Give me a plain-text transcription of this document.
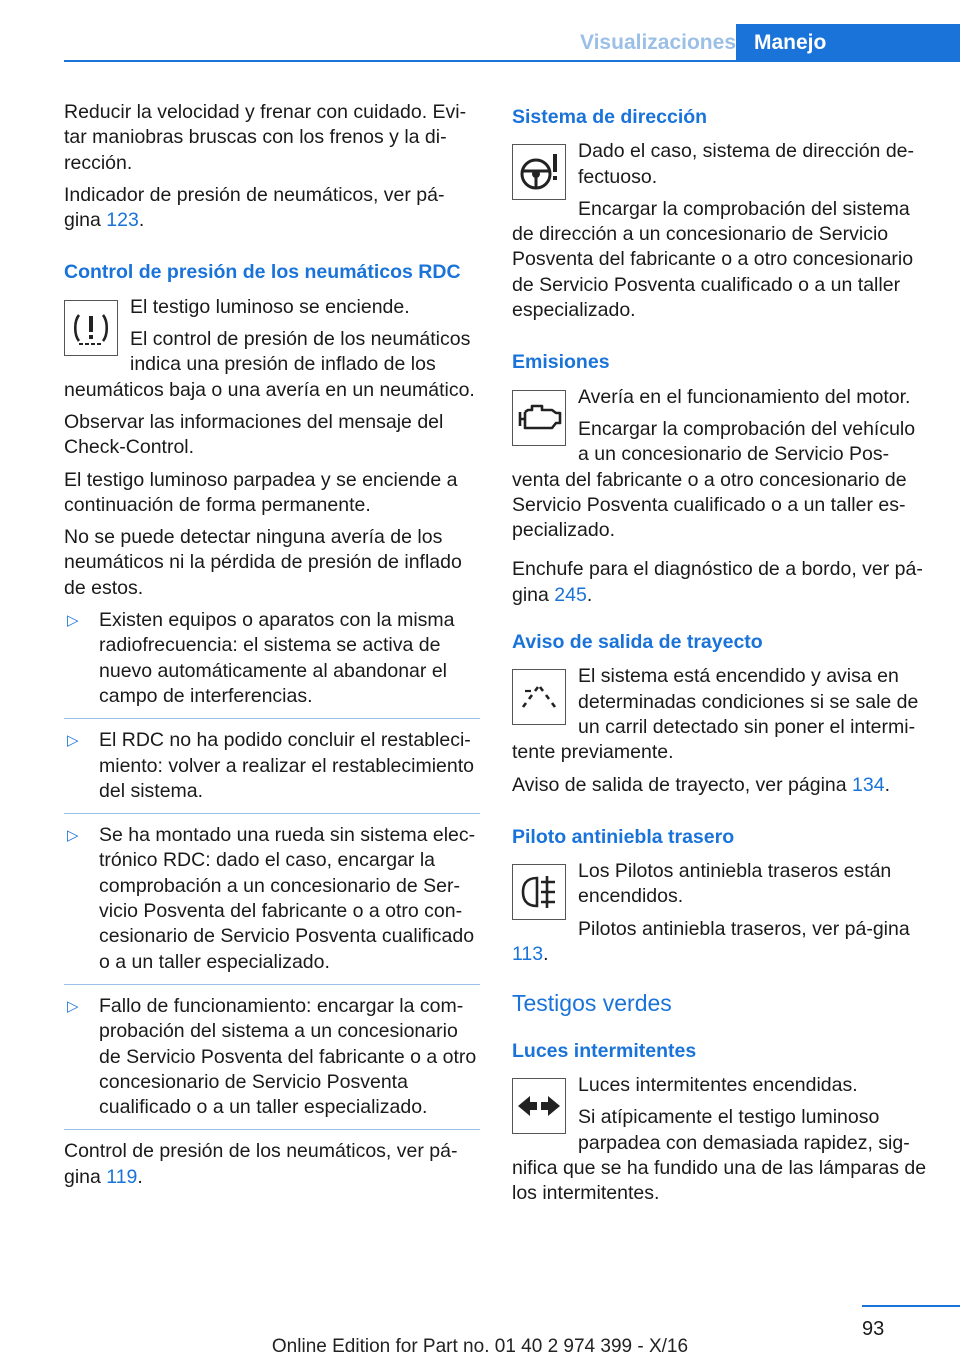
Visualizaciones Manejo

Reducir la velocidad y frenar con cuidado. Evi-tar maniobras bruscas con los frenos y la di-rección.

Indicador de presión de neumáticos, ver pá-gina 123.

Control de presión de los neumáticos RDC

El testigo luminoso se enciende.

El control de presión de los neumáticos indica una presión de inflado de los neumáticos baja o una avería en un neumático.

Observar las informaciones del mensaje del Check-Control.

El testigo luminoso parpadea y se enciende a continuación de forma permanente.

No se puede detectar ninguna avería de los neumáticos ni la pérdida de presión de inflado de estos.

▷ Existen equipos o aparatos con la misma radiofrecuencia: el sistema se activa de nuevo automáticamente al abandonar el campo de interferencias.
▷ El RDC no ha podido concluir el restableci-miento: volver a realizar el restablecimiento del sistema.
▷ Se ha montado una rueda sin sistema elec-trónico RDC: dado el caso, encargar la comprobación a un concesionario de Ser-vicio Posventa del fabricante o a otro con-cesionario de Servicio Posventa cualificado o a un taller especializado.
▷ Fallo de funcionamiento: encargar la com-probación del sistema a un concesionario de Servicio Posventa del fabricante o a otro concesionario de Servicio Posventa cualificado o a un taller especializado.

Control de presión de los neumáticos, ver pá-gina 119.

Sistema de dirección

Dado el caso, sistema de dirección de-fectuoso.

Encargar la comprobación del sistema de dirección a un concesionario de Servicio Posventa del fabricante o a otro concesionario de Servicio Posventa cualificado o a un taller especializado.

Emisiones

Avería en el funcionamiento del motor.

Encargar la comprobación del vehículo a un concesionario de Servicio Pos-venta del fabricante o a otro concesionario de Servicio Posventa cualificado o a un taller es-pecializado.

Enchufe para el diagnóstico de a bordo, ver pá-gina 245.

Aviso de salida de trayecto

El sistema está encendido y avisa en determinadas condiciones si se sale de un carril detectado sin poner el intermi-tente previamente.

Aviso de salida de trayecto, ver página 134.

Piloto antiniebla trasero

Los Pilotos antiniebla traseros están encendidos.

Pilotos antiniebla traseros, ver pá-gina 113.

Testigos verdes
Luces intermitentes

Luces intermitentes encendidas.

Si atípicamente el testigo luminoso parpadea con demasiada rapidez, sig-nifica que se ha fundido una de las lámparas de los intermitentes.

93
Online Edition for Part no. 01 40 2 974 399 - X/16
